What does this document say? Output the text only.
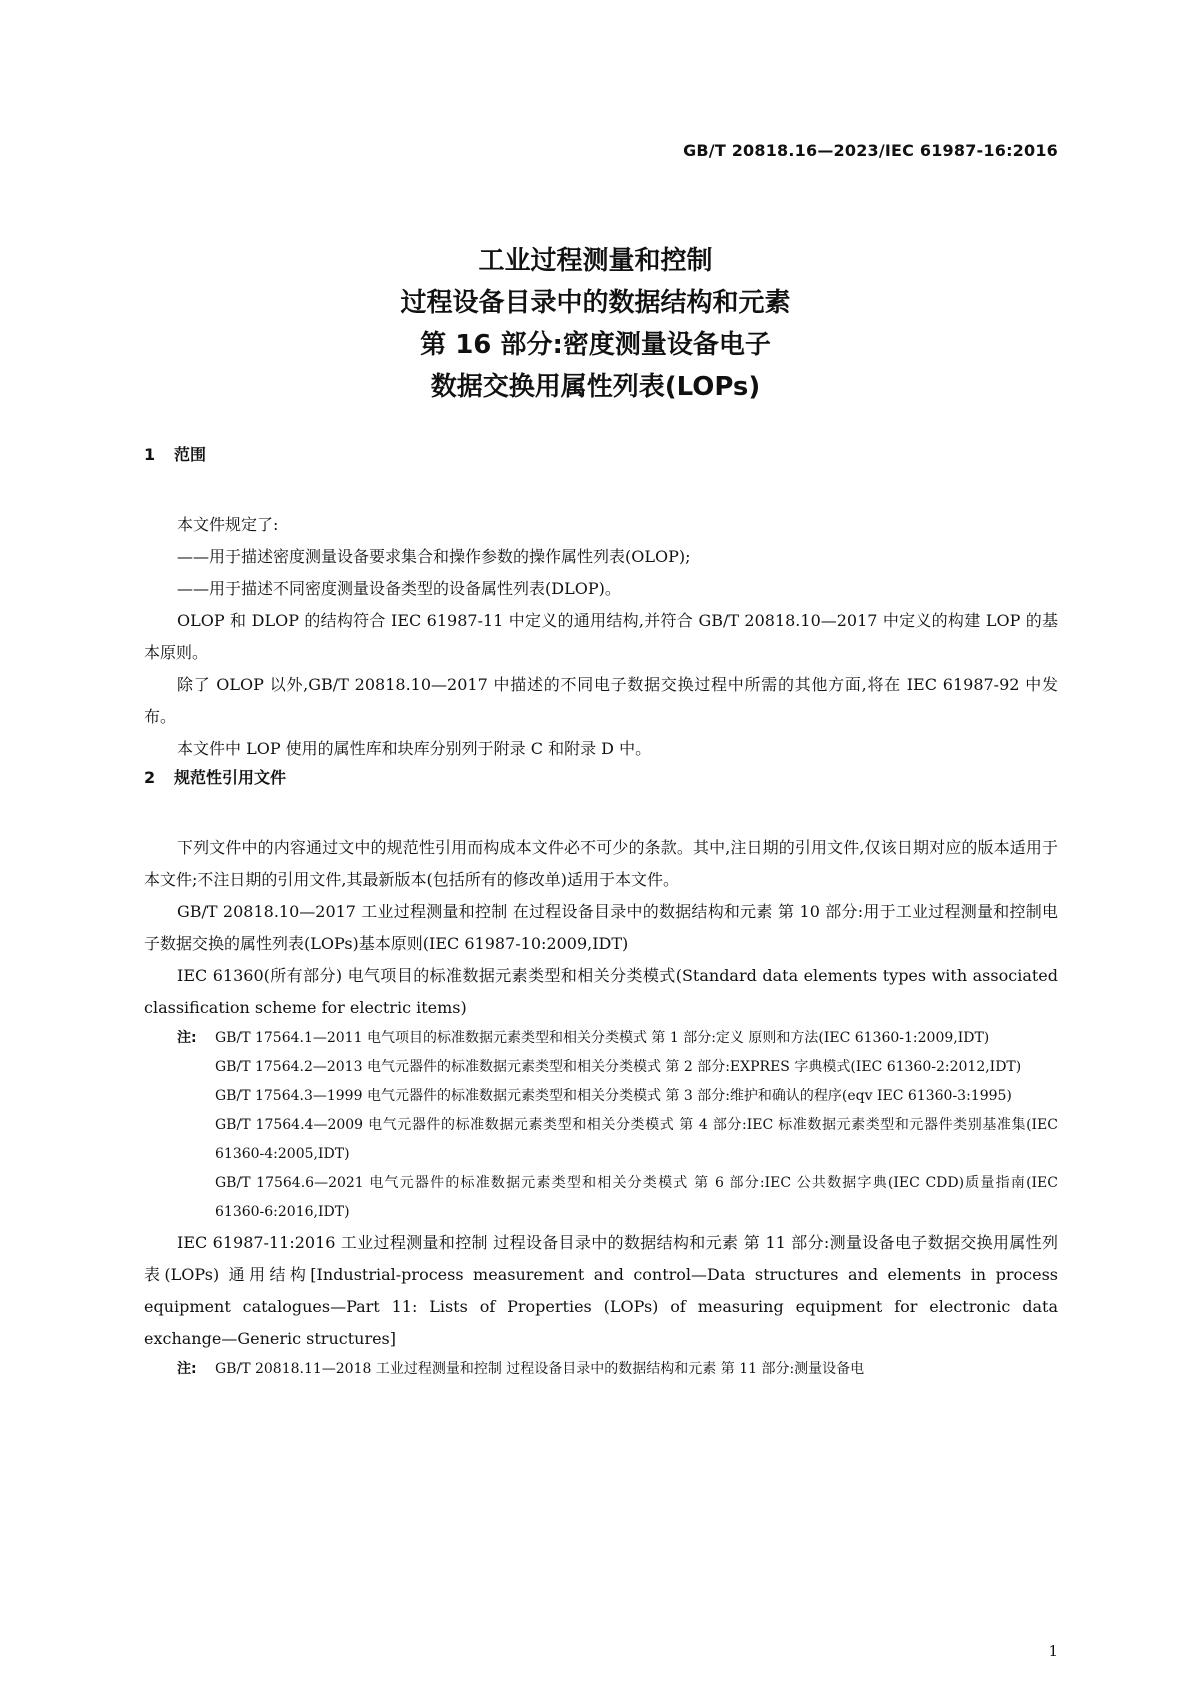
GB/T 20818.16—2023/IEC 61987-16:2016
工业过程测量和控制
过程设备目录中的数据结构和元素
第 16 部分:密度测量设备电子
数据交换用属性列表(LOPs)
1 范围

本文件规定了:

——用于描述密度测量设备要求集合和操作参数的操作属性列表(OLOP);

——用于描述不同密度测量设备类型的设备属性列表(DLOP)。

OLOP 和 DLOP 的结构符合 IEC 61987-11 中定义的通用结构,并符合 GB/T 20818.10—2017 中定义的构建 LOP 的基本原则。

除了 OLOP 以外,GB/T 20818.10—2017 中描述的不同电子数据交换过程中所需的其他方面,将在 IEC 61987-92 中发布。

本文件中 LOP 使用的属性库和块库分别列于附录 C 和附录 D 中。

2 规范性引用文件

下列文件中的内容通过文中的规范性引用而构成本文件必不可少的条款。其中,注日期的引用文件,仅该日期对应的版本适用于本文件;不注日期的引用文件,其最新版本(包括所有的修改单)适用于本文件。

GB/T 20818.10—2017 工业过程测量和控制 在过程设备目录中的数据结构和元素 第 10 部分:用于工业过程测量和控制电子数据交换的属性列表(LOPs)基本原则(IEC 61987-10:2009,IDT)

IEC 61360(所有部分) 电气项目的标准数据元素类型和相关分类模式(Standard data elements types with associated classification scheme for electric items)

注:	GB/T 17564.1—2011 电气项目的标准数据元素类型和相关分类模式 第 1 部分:定义 原则和方法(IEC 61360-1:2009,IDT)
GB/T 17564.2—2013 电气元器件的标准数据元素类型和相关分类模式 第 2 部分:EXPRES 字典模式(IEC 61360-2:2012,IDT)
GB/T 17564.3—1999 电气元器件的标准数据元素类型和相关分类模式 第 3 部分:维护和确认的程序(eqv IEC 61360-3:1995)
GB/T 17564.4—2009 电气元器件的标准数据元素类型和相关分类模式 第 4 部分:IEC 标准数据元素类型和元器件类别基准集(IEC 61360-4:2005,IDT)
GB/T 17564.6—2021 电气元器件的标准数据元素类型和相关分类模式 第 6 部分:IEC 公共数据字典(IEC CDD)质量指南(IEC 61360-6:2016,IDT)

IEC 61987-11:2016 工业过程测量和控制 过程设备目录中的数据结构和元素 第 11 部分:测量设备电子数据交换用属性列表(LOPs) 通用结构[Industrial-process measurement and control—Data structures and elements in process equipment catalogues—Part 11: Lists of Properties (LOPs) of measuring equipment for electronic data exchange—Generic structures]

注:	GB/T 20818.11—2018 工业过程测量和控制 过程设备目录中的数据结构和元素 第 11 部分:测量设备电
1
